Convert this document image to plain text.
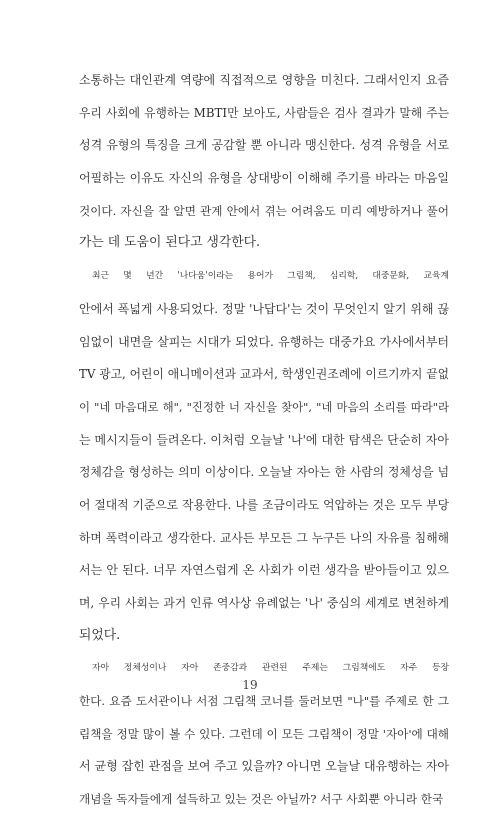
소통하는 대인관계 역량에 직접적으로 영향을 미친다. 그래서인지 요즘
우리 사회에 유행하는 MBTI만 보아도, 사람들은 검사 결과가 말해 주는
성격 유형의 특징을 크게 공감할 뿐 아니라 맹신한다. 성격 유형을 서로
어필하는 이유도 자신의 유형을 상대방이 이해해 주기를 바라는 마음일
것이다. 자신을 잘 알면 관계 안에서 겪는 어려움도 미리 예방하거나 풀어
가는 데 도움이 된다고 생각한다.
최근 몇 년간 '나다움'이라는 용어가 그림책, 심리학, 대중문화, 교육계
안에서 폭넓게 사용되었다. 정말 '나답다'는 것이 무엇인지 알기 위해 끊
임없이 내면을 살피는 시대가 되었다. 유행하는 대중가요 가사에서부터
TV 광고, 어린이 애니메이션과 교과서, 학생인권조례에 이르기까지 끝없
이 "네 마음대로 해", "진정한 너 자신을 찾아", "네 마음의 소리를 따라"라
는 메시지들이 들려온다. 이처럼 오늘날 '나'에 대한 탐색은 단순히 자아
정체감을 형성하는 의미 이상이다. 오늘날 자아는 한 사람의 정체성을 넘
어 절대적 기준으로 작용한다. 나를 조금이라도 억압하는 것은 모두 부당
하며 폭력이라고 생각한다. 교사든 부모든 그 누구든 나의 자유를 침해해
서는 안 된다. 너무 자연스럽게 온 사회가 이런 생각을 받아들이고 있으
며, 우리 사회는 과거 인류 역사상 유례없는 '나' 중심의 세계로 변천하게
되었다.
자아 정체성이나 자아 존중감과 관련된 주제는 그림책에도 자주 등장
한다. 요즘 도서관이나 서점 그림책 코너를 둘러보면 "나"를 주제로 한 그
림책을 정말 많이 볼 수 있다. 그런데 이 모든 그림책이 정말 '자아'에 대해
서 균형 잡힌 관점을 보여 주고 있을까? 아니면 오늘날 대유행하는 자아
개념을 독자들에게 설득하고 있는 것은 아닐까? 서구 사회뿐 아니라 한국
19
